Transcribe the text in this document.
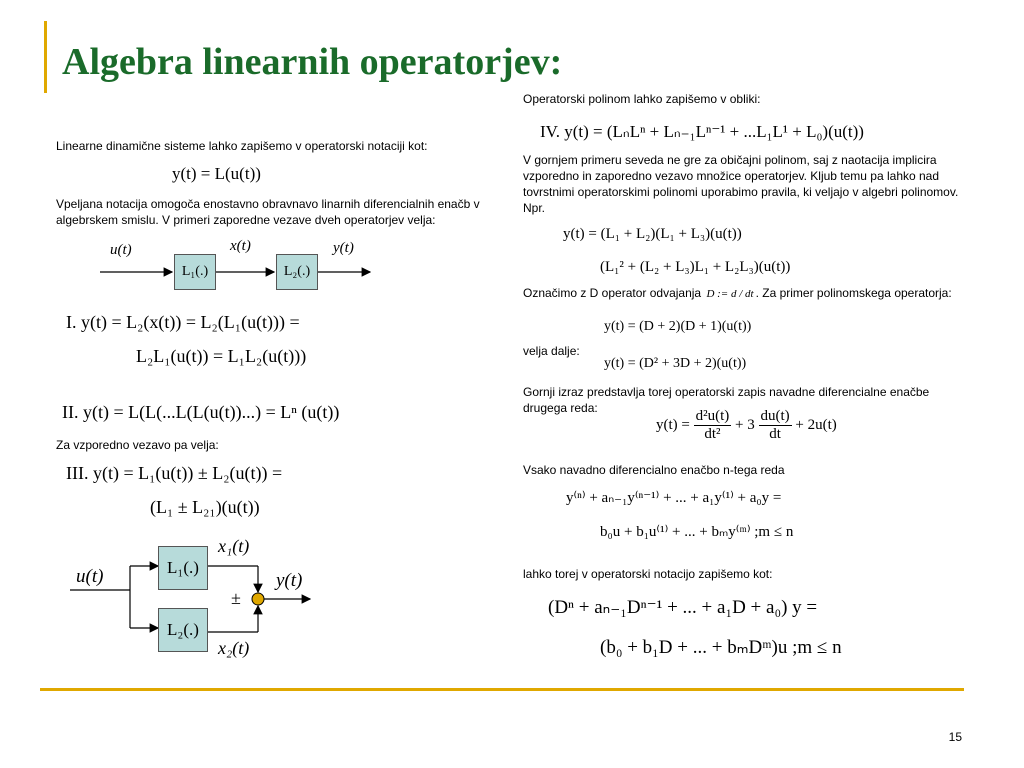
Algebra linearnih operatorjev:
Linearne dinamične sisteme lahko zapišemo v operatorski notaciji kot:
y(t) = L(u(t))
Vpeljana notacija omogoča enostavno obravnavo linarnih diferencialnih enačb v algebrskem smislu. V primeri zaporedne vezave dveh operatorjev velja:
u(t)	x(t)	y(t)
L₁(.)	L₂(.)
I. y(t) = L₂(x(t)) = L₂(L₁(u(t))) =
L₂L₁(u(t)) = L₁L₂(u(t)))
II. y(t) = L(L(...L(L(u(t))...) = Lⁿ (u(t))
Za vzporedno vezavo pa velja:
III. y(t) = L₁(u(t)) ± L₂(u(t)) =
(L₁ ± L₂₁)(u(t))
u(t)
x₁(t)
x₂(t)
y(t)
±
L₁(.)
L₂(.)
Operatorski polinom lahko zapišemo v obliki:
IV. y(t) = (LₙLⁿ + Lₙ₋₁Lⁿ⁻¹ + ...L₁L¹ + L₀)(u(t))
V gornjem primeru seveda ne gre za običajni polinom, saj z naotacija implicira vzporedno in zaporedno vezavo množice operatorjev. Kljub temu pa lahko nad tovrstnimi operatorskimi polinomi uporabimo pravila, ki veljajo v algebri polinomov. Npr.
y(t) = (L₁ + L₂)(L₁ + L₃)(u(t))
(L₁² + (L₂ + L₃)L₁ + L₂L₃)(u(t))
Označimo z D operator odvajanja D := d / dt . Za primer polinomskega operatorja:
y(t) = (D + 2)(D + 1)(u(t))
velja dalje:
y(t) = (D² + 3D + 2)(u(t))
Gornji izraz predstavlja torej operatorski zapis navadne diferencialne enačbe drugega reda:
$y(t) = \frac{\text{d²u(t)}}{\text{dt²}} + 3 \frac{du(t)}{dt} + 2u(t)$
Vsako navadno diferencialno enačbo n-tega reda
y⁽ⁿ⁾ + aₙ₋₁y⁽ⁿ⁻¹⁾ + ... + a₁y⁽¹⁾ + a₀y =
b₀u + b₁u⁽¹⁾ + ... + bₘy⁽ᵐ⁾ ;m ≤ n
lahko torej v operatorski notacijo zapišemo kot:
(Dⁿ + aₙ₋₁Dⁿ⁻¹ + ... + a₁D + a₀) y =
(b₀ + b₁D + ... + bₘDᵐ)u ;m ≤ n
15
